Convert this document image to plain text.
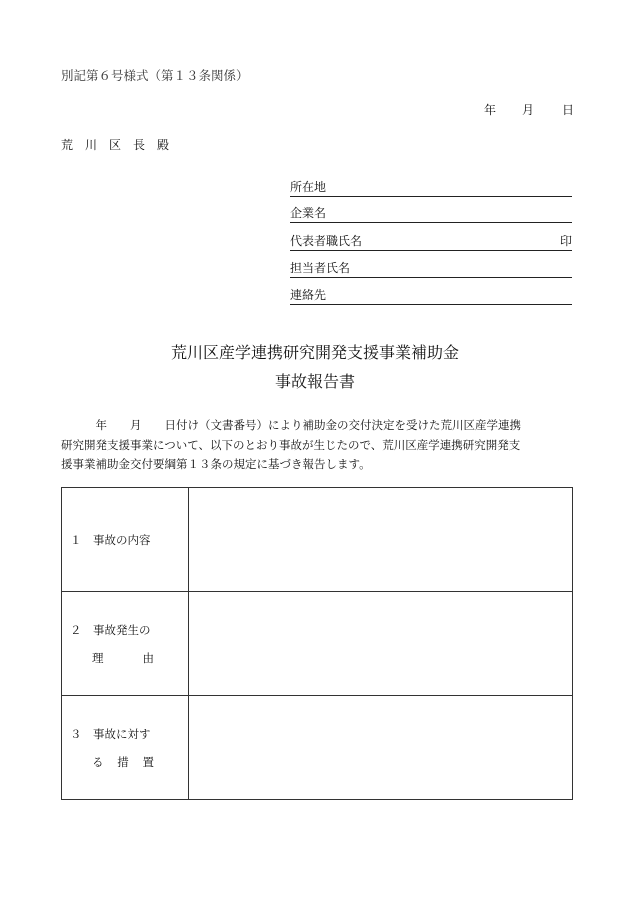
別記第６号様式（第１３条関係）
年 月 日
荒川区長殿
所在地
企業名
代表者職氏名	印
担当者氏名
連絡先
荒川区産学連携研究開発支援事業補助金
事故報告書
　　　年　　月　　日付け（文書番号）により補助金の交付決定を受けた荒川区産学連携
研究開発支援事業について、以下のとおり事故が生じたので、荒川区産学連携研究開発支
援事業補助金交付要綱第１３条の規定に基づき報告します。
１　事故の内容	

２　事故発生の
理由	

３　事故に対す
る措置	
